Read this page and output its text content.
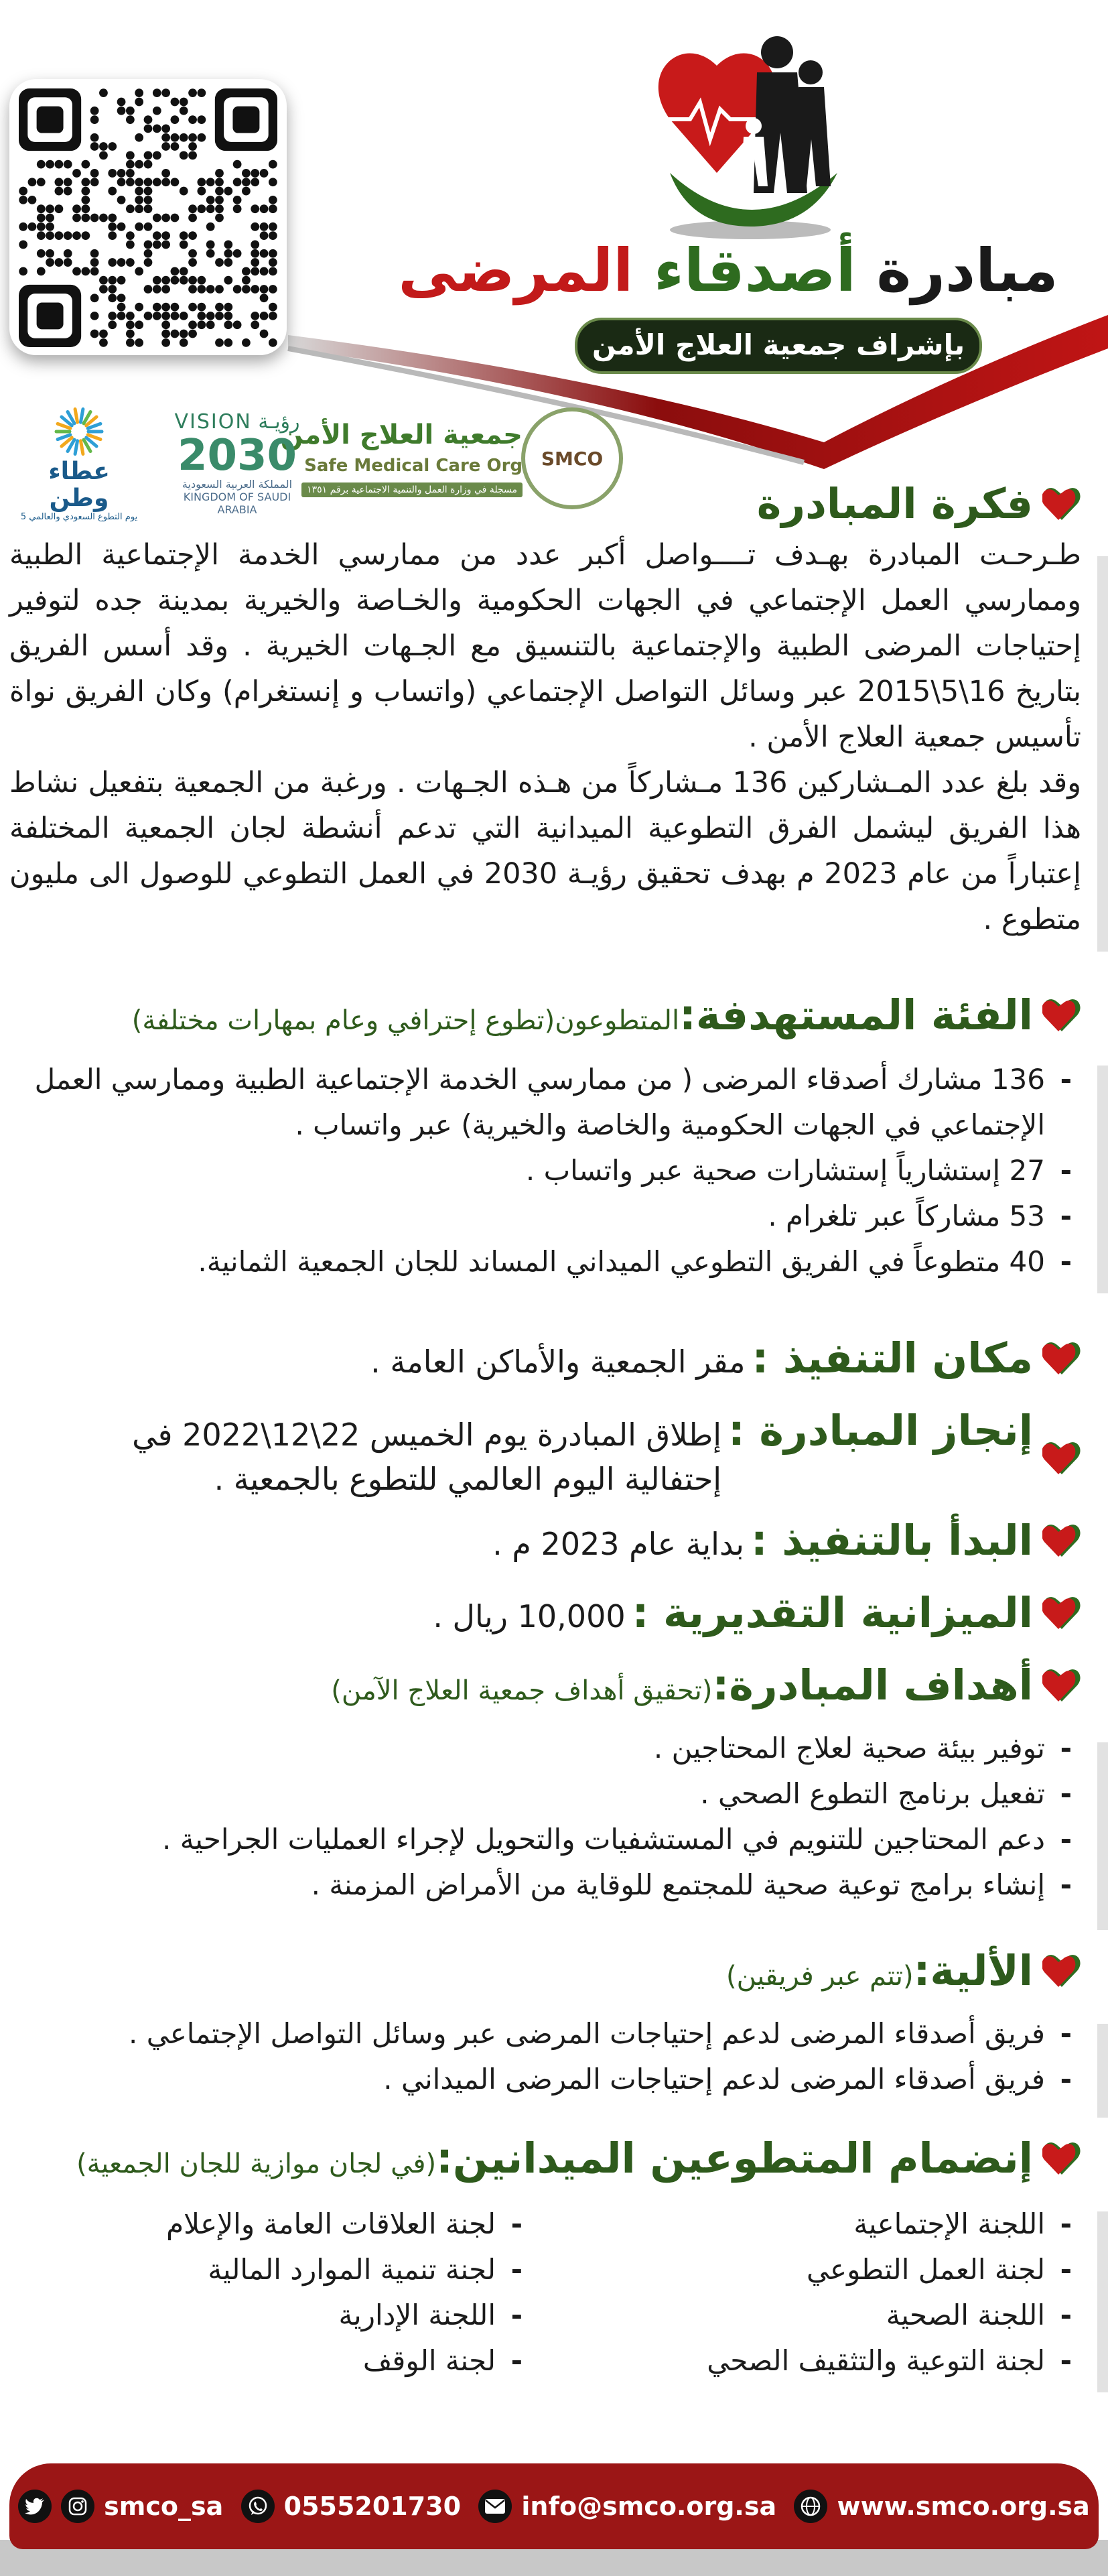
مبادرة أصدقاء المرضى
بإشراف جمعية العلاج الأمن
SMCO
جمعية العلاج الأمن
Safe Medical Care Org
مسجلة في وزارة العمل والتنمية الاجتماعية برقم ١٣٥١
رؤيـة VISION
2030
المملكة العربية السعودية KINGDOM OF SAUDI ARABIA
عطاء وطن
يوم التطوع السعودي والعالمي 5	فكرة المبادرة

طـرحـت المبادرة بهـدف تــــواصل أكبر عدد من ممارسي الخدمة الإجتماعية الطبية وممارسي العمل الإجتماعي في الجهات الحكومية والخـاصة والخيرية بمدينة جده لتوفير إحتياجات المرضى الطبية والإجتماعية بالتنسيق مع الجـهات الخيرية . وقد أسس الفريق بتاريخ 16\5\2015 عبر وسائل التواصل الإجتماعي (واتساب و إنستغرام) وكان الفريق نواة تأسيس جمعية العلاج الأمن .

وقد بلغ عدد المـشاركين 136 مـشاركاً من هـذه الجـهات . ورغبة من الجمعية بتفعيل نشاط هذا الفريق ليشمل الفرق التطوعية الميدانية التي تدعم أنشطة لجان الجمعية المختلفة إعتباراً من عام 2023 م بهدف تحقيق رؤيـة 2030 في العمل التطوعي للوصول الى مليون متطوع .

الفئة المستهدفة:
المتطوعون(تطوع إحترافي وعام بمهارات مختلفة)
- 136 مشارك أصدقاء المرضى ( من ممارسي الخدمة الإجتماعية الطبية وممارسي العمل الإجتماعي في الجهات الحكومية والخاصة والخيرية) عبر واتساب .
- 27 إستشارياً إستشارات صحية عبر واتساب .
- 53 مشاركاً عبر تلغرام .
- 40 متطوعاً في الفريق التطوعي الميداني المساند للجان الجمعية الثمانية.
مكان التنفيذ :
مقر الجمعية والأماكن العامة .
إنجاز المبادرة :
إطلاق المبادرة يوم الخميس 22\12\2022 في إحتفالية اليوم العالمي للتطوع بالجمعية .
البدأ بالتنفيذ :
بداية عام 2023 م .
الميزانية التقديرية :
10,000 ريال .
أهداف المبادرة:
(تحقيق أهداف جمعية العلاج الآمن)
- توفير بيئة صحية لعلاج المحتاجين .
- تفعيل برنامج التطوع الصحي .
- دعم المحتاجين للتنويم في المستشفيات والتحويل لإجراء العمليات الجراحية .
- إنشاء برامج توعية صحية للمجتمع للوقاية من الأمراض المزمنة .
الألية:
(تتم عبر فريقين)
- فريق أصدقاء المرضى لدعم إحتياجات المرضى عبر وسائل التواصل الإجتماعي .
- فريق أصدقاء المرضى لدعم إحتياجات المرضى الميداني .
إنضمام المتطوعين الميدانين:
(في لجان موازية للجان الجمعية)
- اللجنة الإجتماعية
- لجنة العمل التطوعي
- اللجنة الصحية
- لجنة التوعية والتثقيف الصحي
- لجنة العلاقات العامة والإعلام
- لجنة تنمية الموارد المالية
- اللجنة الإدارية
- لجنة الوقف
www.smco.org.sa
info@smco.org.sa
0555201730
smco_sa
